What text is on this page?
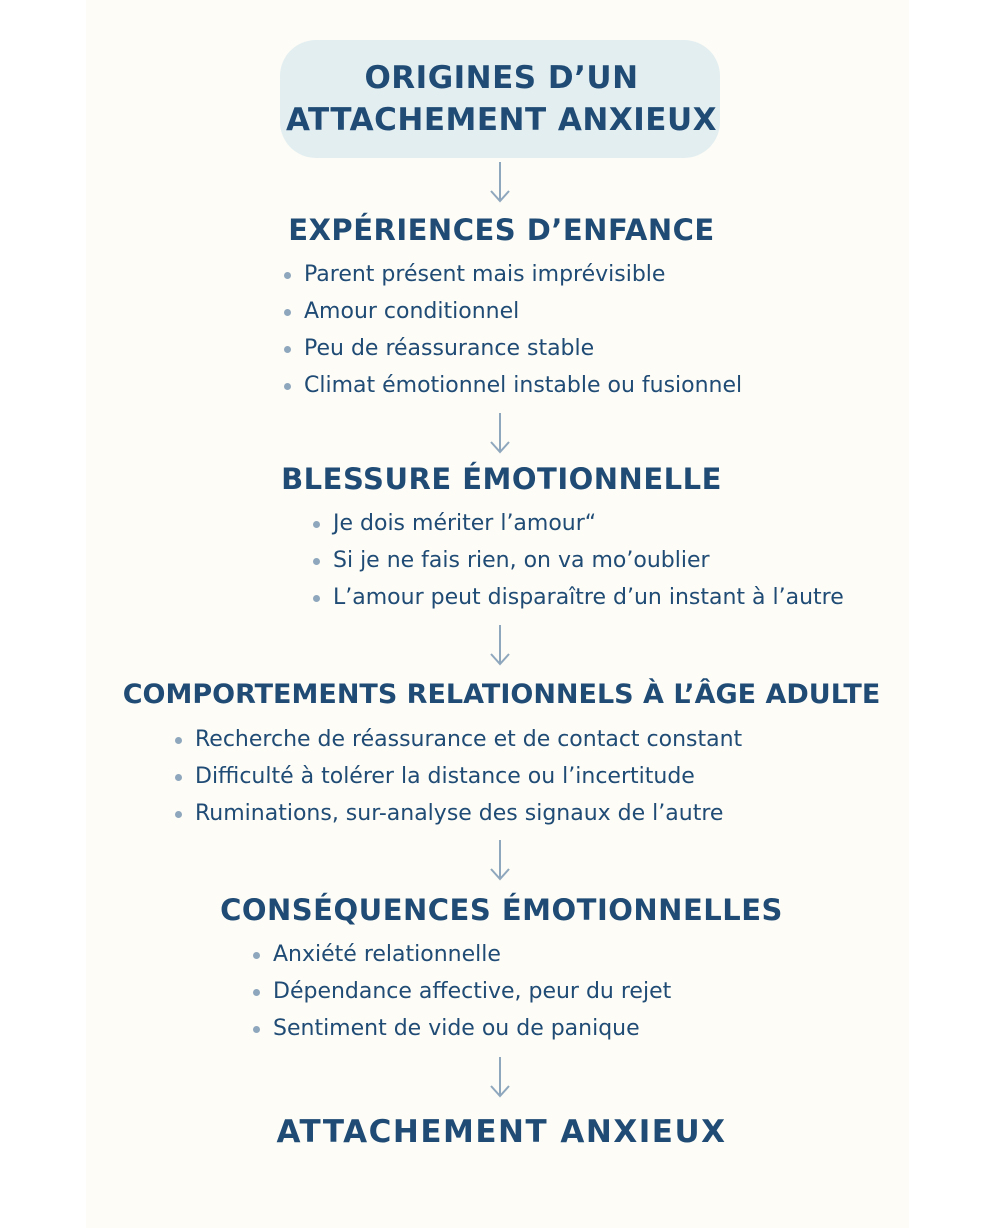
ORIGINES D’UN
ATTACHEMENT ANXIEUX
EXPÉRIENCES D’ENFANCE
Parent présent mais imprévisible
Amour conditionnel
Peu de réassurance stable
Climat émotionnel instable ou fusionnel
BLESSURE ÉMOTIONNELLE
Je dois mériter l’amour“
Si je ne fais rien, on va mo’oublier
L’amour peut disparaître d’un instant à l’autre
COMPORTEMENTS RELATIONNELS À L’ÂGE ADULTE
Recherche de réassurance et de contact constant
Difficulté à tolérer la distance ou l’incertitude
Ruminations, sur-analyse des signaux de l’autre
CONSÉQUENCES ÉMOTIONNELLES
Anxiété relationnelle
Dépendance affective, peur du rejet
Sentiment de vide ou de panique
ATTACHEMENT ANXIEUX
